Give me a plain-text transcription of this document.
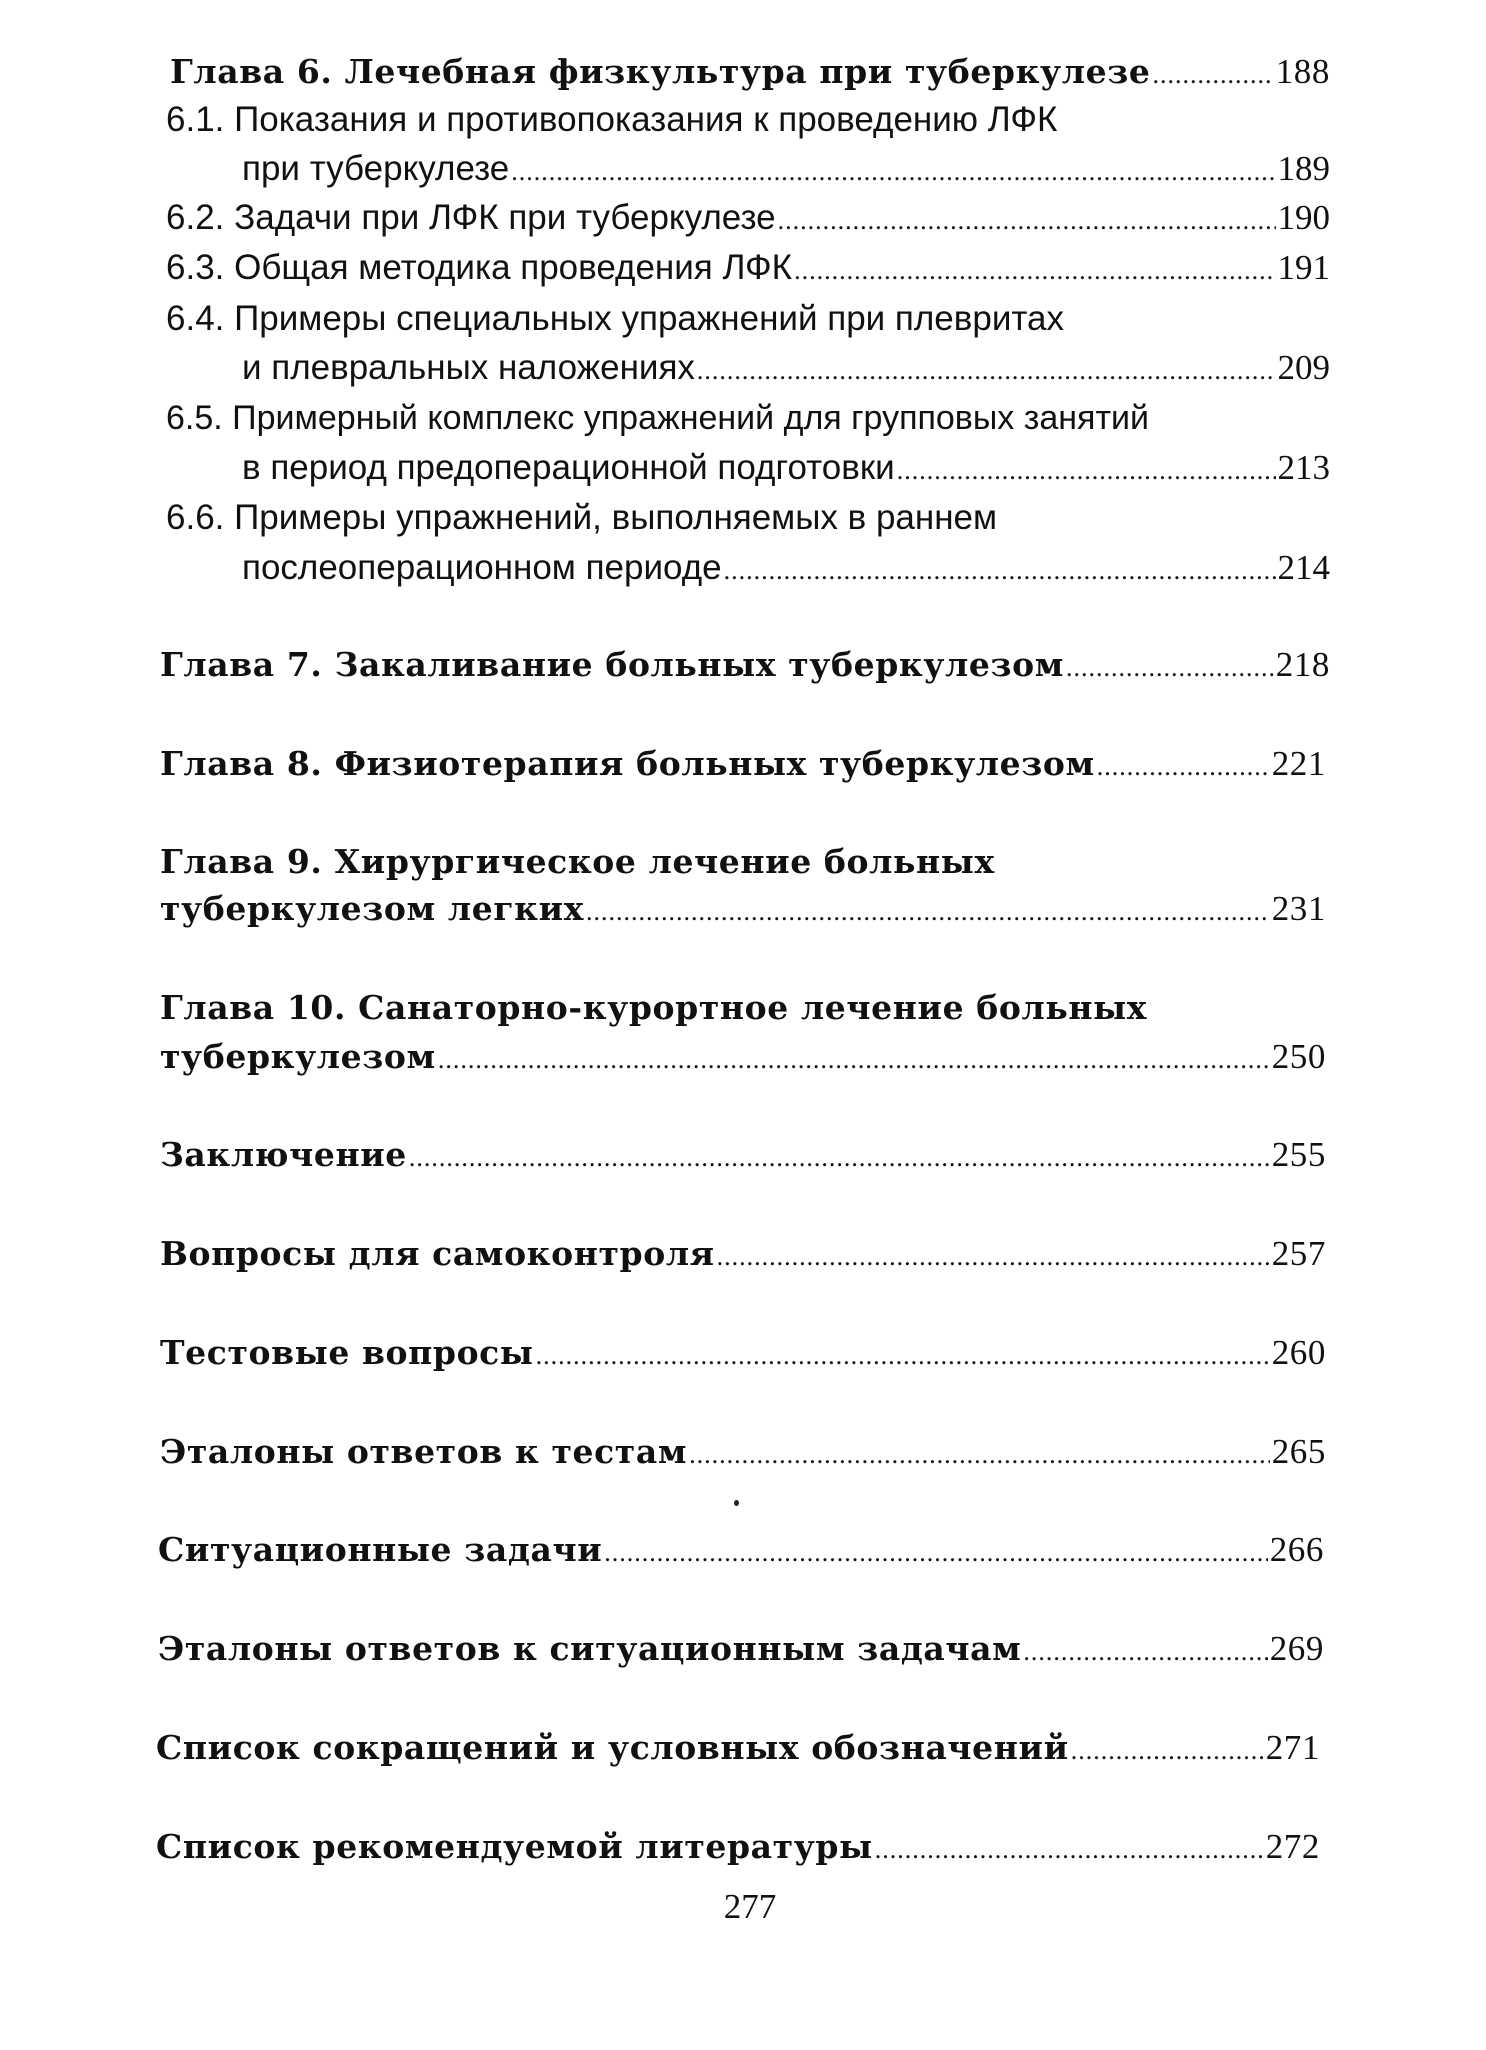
Глава 6. Лечебная физкультура при туберкулезе .....	188
6.1. Показания и противопоказания к проведению ЛФК
при туберкулезе .....	189
6.2. Задачи при ЛФК при туберкулезе .....	190
6.3. Общая методика проведения ЛФК .....	191
6.4. Примеры специальных упражнений при плевритах
и плевральных наложениях .....	209
6.5. Примерный комплекс упражнений для групповых занятий
в период предоперационной подготовки .....	213
6.6. Примеры упражнений, выполняемых в раннем
послеоперационном периоде .....	214
Глава 7. Закаливание больных туберкулезом .....	218
Глава 8. Физиотерапия больных туберкулезом .....	221
Глава 9. Хирургическое лечение больных
туберкулезом легких .....	231
Глава 10. Санаторно-курортное лечение больных
туберкулезом .....	250
Заключение .....	255
Вопросы для самоконтроля .....	257
Тестовые вопросы .....	260
Эталоны ответов к тестам .....	265
Ситуационные задачи .....	266
Эталоны ответов к ситуационным задачам .....	269
Список сокращений и условных обозначений .....	271
Список рекомендуемой литературы .....	272
277
